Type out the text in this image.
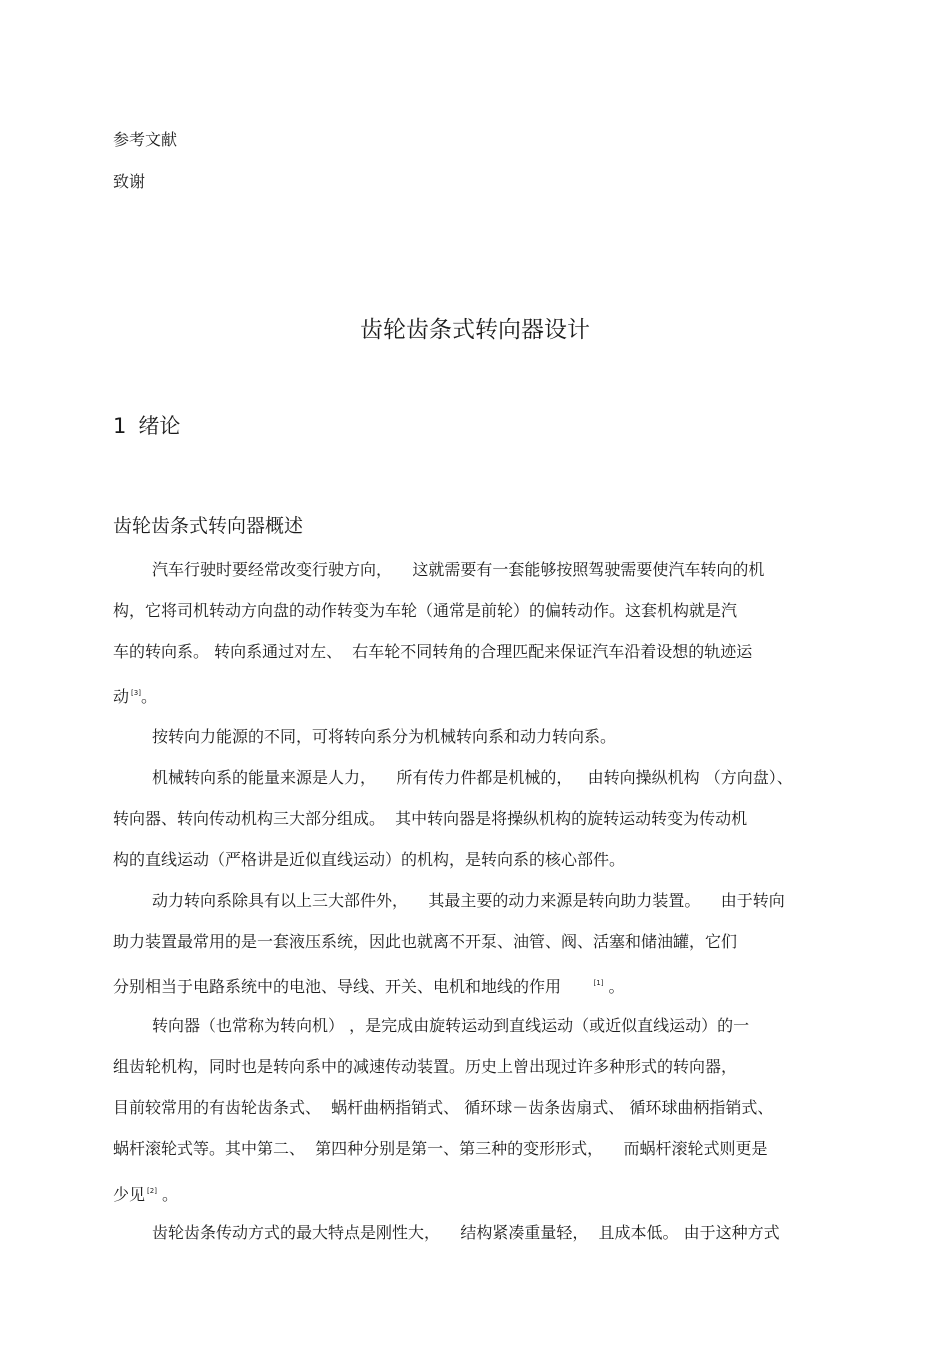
参考文献
致谢
齿轮齿条式转向器设计
1 绪论
齿轮齿条式转向器概述
汽车行驶时要经常改变行驶方向，    这就需要有一套能够按照驾驶需要使汽车转向的机
构，它将司机转动方向盘的动作转变为车轮（通常是前轮）的偏转动作。这套机构就是汽
车的转向系。 转向系通过对左、  右车轮不同转角的合理匹配来保证汽车沿着设想的轨迹运
动 [3]。
按转向力能源的不同，可将转向系分为机械转向系和动力转向系。
机械转向系的能量来源是人力，    所有传力件都是机械的，   由转向操纵机构 （方向盘）、
转向器、转向传动机构三大部分组成。  其中转向器是将操纵机构的旋转运动转变为传动机
构的直线运动（严格讲是近似直线运动）的机构，是转向系的核心部件。
动力转向系除具有以上三大部件外，    其最主要的动力来源是转向助力装置。    由于转向
助力装置最常用的是一套液压系统，因此也就离不开泵、油管、阀、活塞和储油罐，它们
分别相当于电路系统中的电池、导线、开关、电机和地线的作用      [1] 。
转向器（也常称为转向机） ，是完成由旋转运动到直线运动（或近似直线运动）的一
组齿轮机构，同时也是转向系中的减速传动装置。历史上曾出现过许多种形式的转向器，
目前较常用的有齿轮齿条式、  蜗杆曲柄指销式、 循环球－齿条齿扇式、 循环球曲柄指销式、
蜗杆滚轮式等。其中第二、  第四种分别是第一、第三种的变形形式，    而蜗杆滚轮式则更是
少见 [2] 。
齿轮齿条传动方式的最大特点是刚性大，    结构紧凑重量轻，  且成本低。 由于这种方式
